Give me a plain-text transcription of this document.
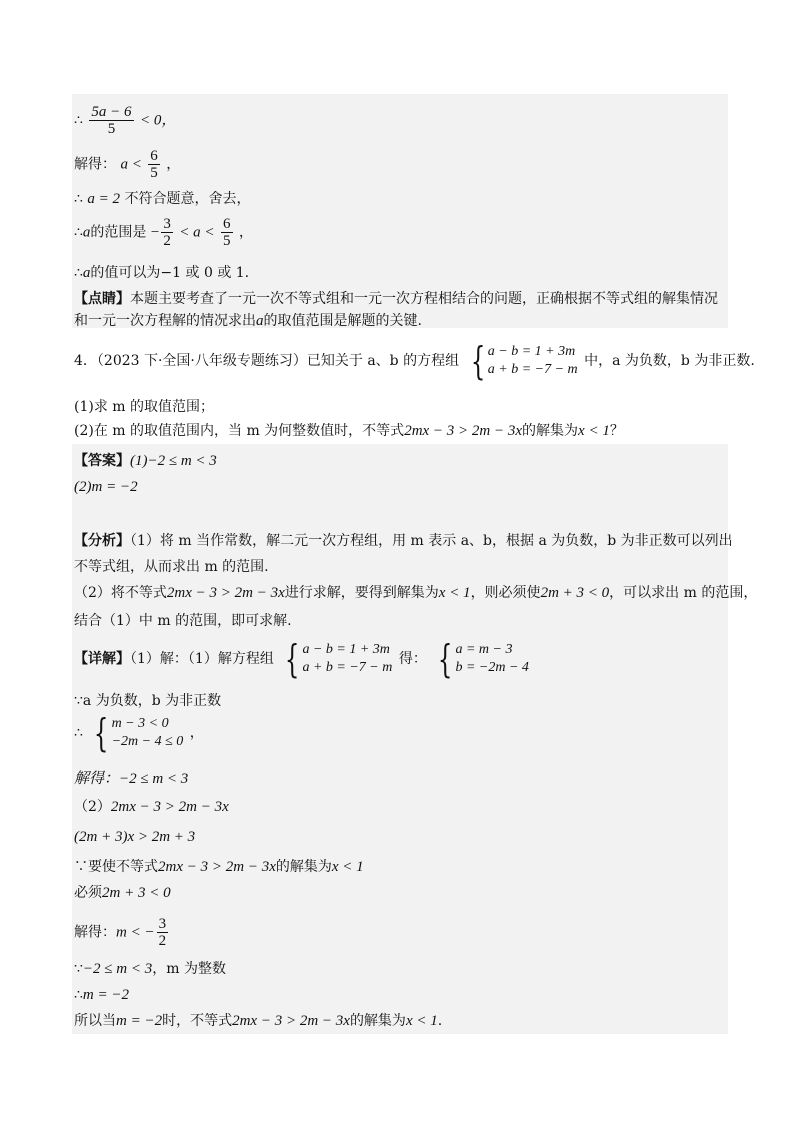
∴ $\frac{5a - 6}{5} < 0$，
解得： $a < \frac{6}{5}$ ，
∴ a = 2 不符合题意，舍去，
∴a的范围是 − $\frac{3}{2} < a < \frac{6}{5}$ ，
∴a的值可以为−1 或 0 或 1.
【点睛】本题主要考查了一元一次不等式组和一元一次方程相结合的问题，正确根据不等式组的解集情况
和一元一次方程解的情况求出a的取值范围是解题的关键.
4．（2023 下·全国·八年级专题练习）已知关于 a、b 的方程组 { a − b = 1 + 3m
a + b = −7 − m
中，a 为负数，b 为非正数.
(1)求 m 的取值范围；
(2)在 m 的取值范围内，当 m 为何整数值时，不等式2mx − 3 > 2m − 3x的解集为x < 1？
【答案】(1)−2 ≤ m < 3
(2)m = −2
【分析】（1）将 m 当作常数，解二元一次方程组，用 m 表示 a、b，根据 a 为负数，b 为非正数可以列出
不等式组，从而求出 m 的范围.
（2）将不等式2mx − 3 > 2m − 3x进行求解，要得到解集为x < 1，则必须使2m + 3 < 0，可以求出 m 的范围，
结合（1）中 m 的范围，即可求解.
【详解】（1）解：（1）解方程组 { a − b = 1 + 3m
a + b = −7 − m
得： { a = m − 3
b = −2m − 4
∵a 为负数，b 为非正数
∴ { m − 3 < 0
−2m − 4 ≤ 0
，
解得：−2 ≤ m < 3
（2）2mx − 3 > 2m − 3x
(2m + 3)x > 2m + 3
∵要使不等式2mx − 3 > 2m − 3x的解集为x < 1
必须2m + 3 < 0
解得：m < − $\frac{3}{2}$
∵−2 ≤ m < 3，m 为整数
∴m = −2
所以当m = −2时，不等式2mx − 3 > 2m − 3x的解集为x < 1.
